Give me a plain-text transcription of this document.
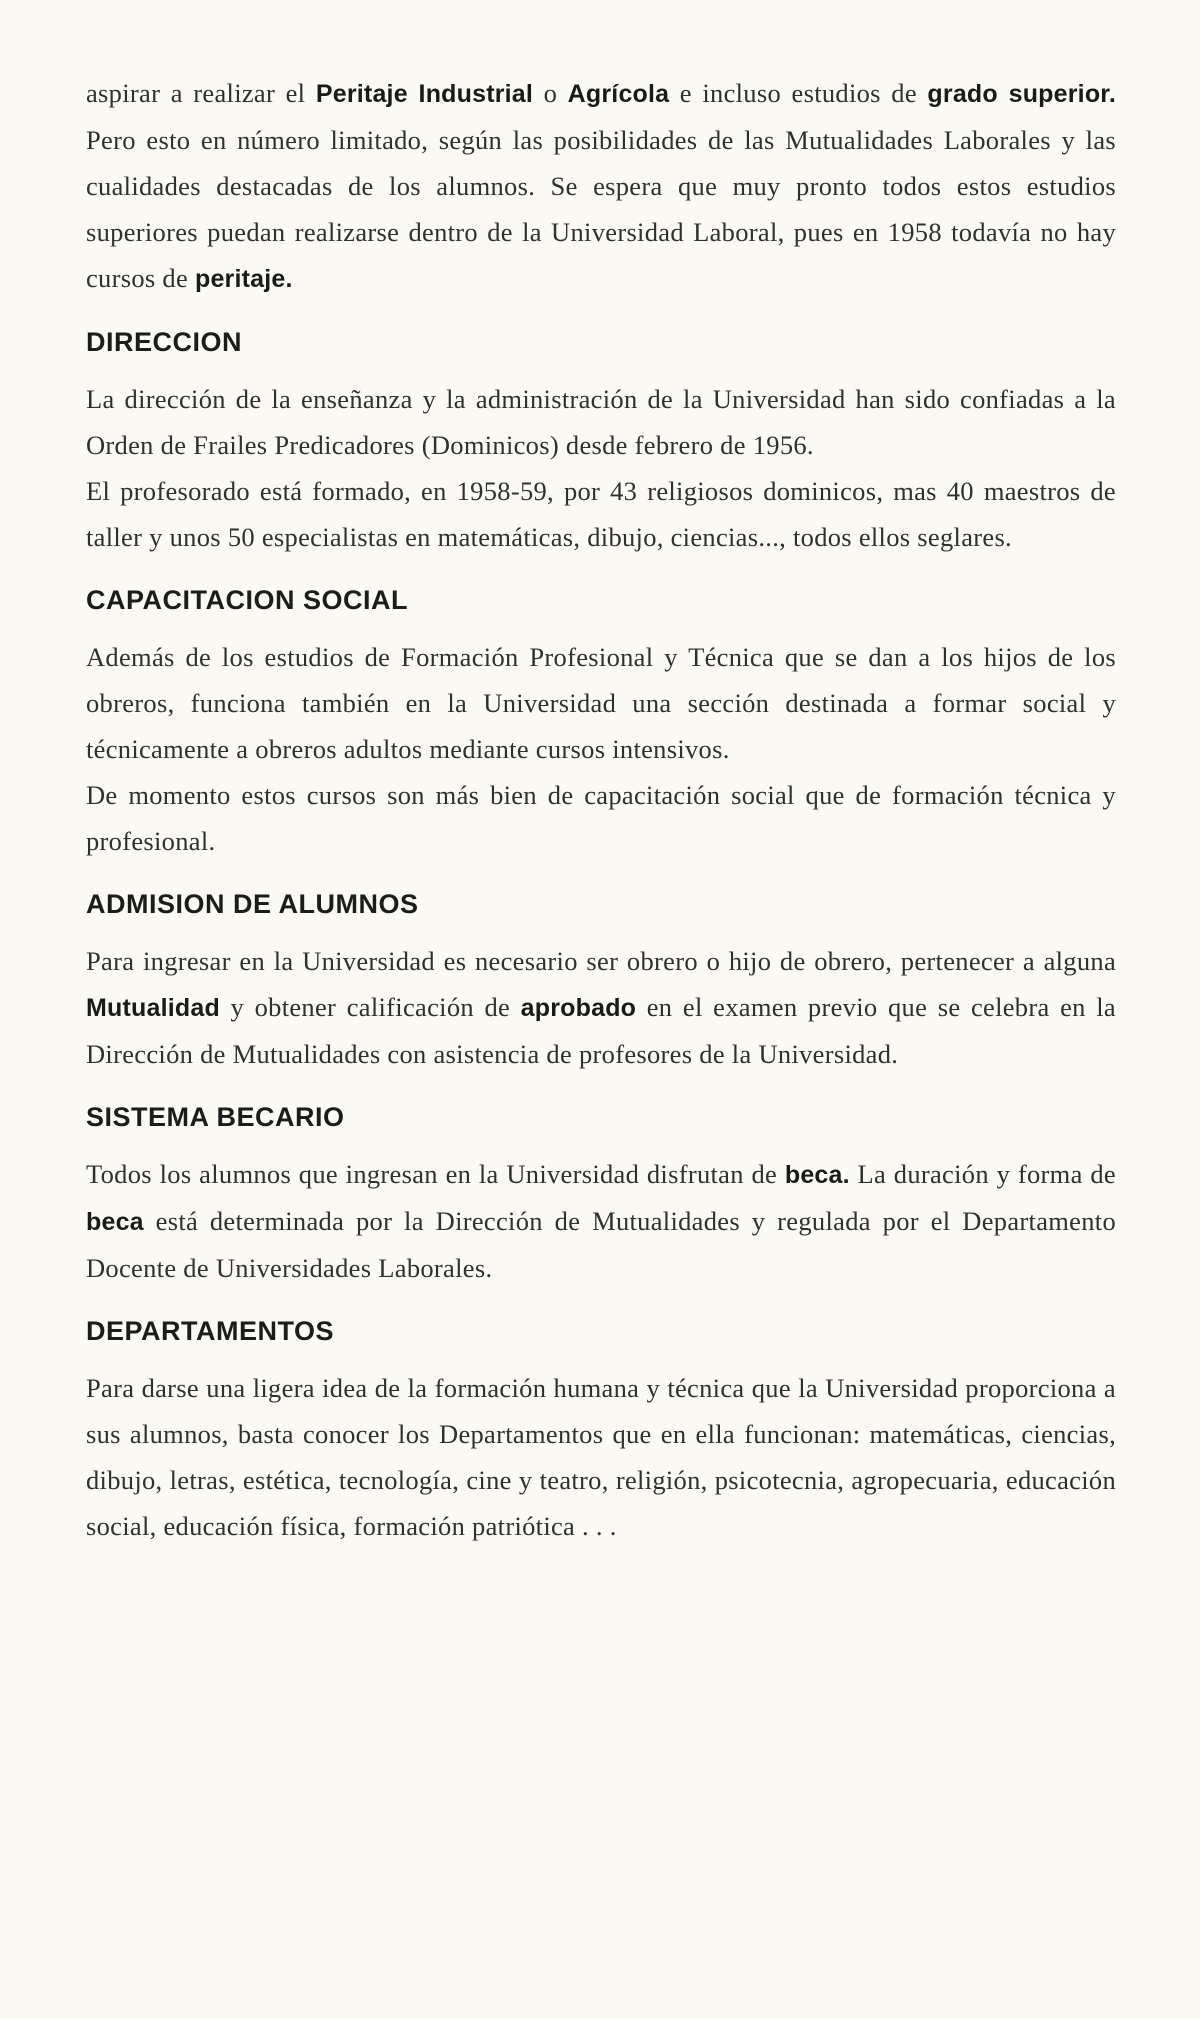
aspirar a realizar el Peritaje Industrial o Agrícola e incluso estudios de grado superior. Pero esto en número limitado, según las posibilidades de las Mutualidades Laborales y las cualidades destacadas de los alumnos. Se espera que muy pronto todos estos estudios superiores puedan realizarse dentro de la Universidad Laboral, pues en 1958 todavía no hay cursos de peritaje.

DIRECCION

La dirección de la enseñanza y la administración de la Universidad han sido confiadas a la Orden de Frailes Predicadores (Dominicos) desde febrero de 1956.

El profesorado está formado, en 1958-59, por 43 religiosos dominicos, mas 40 maestros de taller y unos 50 especialistas en matemáticas, dibujo, ciencias..., todos ellos seglares.

CAPACITACION SOCIAL

Además de los estudios de Formación Profesional y Técnica que se dan a los hijos de los obreros, funciona también en la Universidad una sección destinada a formar social y técnicamente a obreros adultos mediante cursos intensivos.

De momento estos cursos son más bien de capacitación social que de formación técnica y profesional.

ADMISION DE ALUMNOS

Para ingresar en la Universidad es necesario ser obrero o hijo de obrero, pertenecer a alguna Mutualidad y obtener calificación de aprobado en el examen previo que se celebra en la Dirección de Mutualidades con asistencia de profesores de la Universidad.

SISTEMA BECARIO

Todos los alumnos que ingresan en la Universidad disfrutan de beca. La duración y forma de beca está determinada por la Dirección de Mutualidades y regulada por el Departamento Docente de Universidades Laborales.

DEPARTAMENTOS

Para darse una ligera idea de la formación humana y técnica que la Universidad proporciona a sus alumnos, basta conocer los Departamentos que en ella funcionan: matemáticas, ciencias, dibujo, letras, estética, tecnología, cine y teatro, religión, psicotecnia, agropecuaria, educación social, educación física, formación patriótica . . .
